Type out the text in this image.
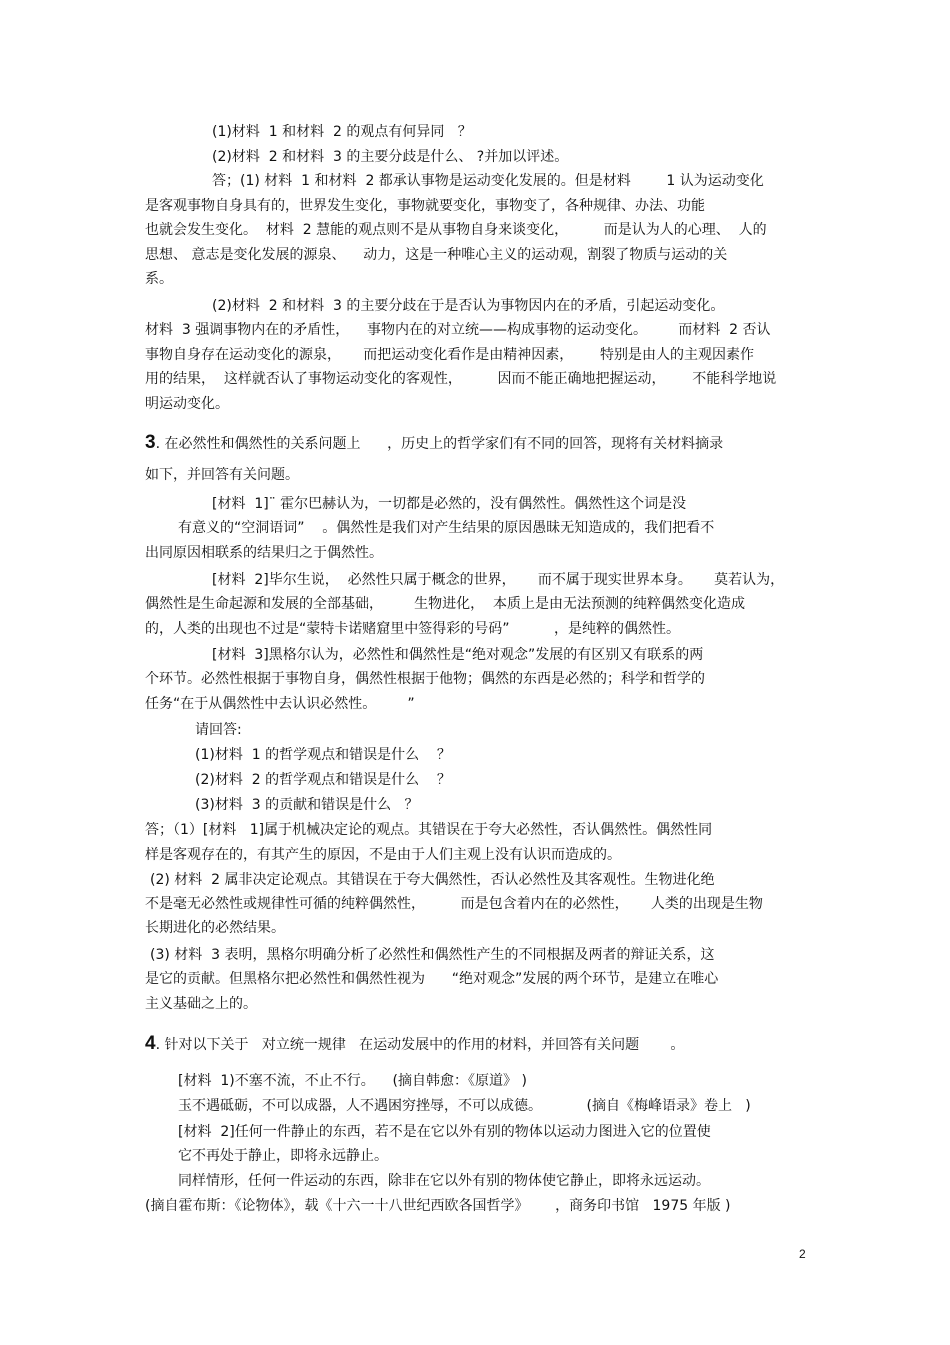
(1)材料  1 和材料  2 的观点有何异同   ？
(2)材料  2 和材料  3 的主要分歧是什么、 ?并加以评述。
答；(1) 材料  1 和材料  2 都承认事物是运动变化发展的。但是材料        1 认为运动变化
是客观事物自身具有的，世界发生变化，事物就要变化，事物变了，各种规律、办法、功能
也就会发生变化。  材料  2 慧能的观点则不是从事物自身来谈变化，        而是认为人的心理、  人的
思想、 意志是变化发展的源泉、    动力，这是一种唯心主义的运动观，割裂了物质与运动的关
系。
(2)材料  2 和材料  3 的主要分歧在于是否认为事物因内在的矛盾，引起运动变化。
材料  3 强调事物内在的矛盾性，    事物内在的对立统——构成事物的运动变化。       而材料  2 否认
事物自身存在运动变化的源泉，     而把运动变化看作是由精神因素，      特别是由人的主观因素作
用的结果，  这样就否认了事物运动变化的客观性，        因而不能正确地把握运动，      不能科学地说
明运动变化。
3. 在必然性和偶然性的关系问题上      ，历史上的哲学家们有不同的回答，现将有关材料摘录
如下，并回答有关问题。
[材料  1]¨ 霍尔巴赫认为，一切都是必然的，没有偶然性。偶然性这个词是没
有意义的“空洞语词”    。偶然性是我们对产生结果的原因愚昧无知造成的，我们把看不
出同原因相联系的结果归之于偶然性。
[材料  2]毕尔生说，  必然性只属于概念的世界，     而不属于现实世界本身。     莫若认为，
偶然性是生命起源和发展的全部基础，       生物进化，  本质上是由无法预测的纯粹偶然变化造成
的，人类的出现也不过是“蒙特卡诺赌窟里中签得彩的号码”          ，是纯粹的偶然性。
[材料  3]黑格尔认为，必然性和偶然性是“绝对观念”发展的有区别又有联系的两
个环节。必然性根据于事物自身，偶然性根据于他物；偶然的东西是必然的；科学和哲学的
任务“在于从偶然性中去认识必然性。       ”
请回答:
(1)材料  1 的哲学观点和错误是什么    ？
(2)材料  2 的哲学观点和错误是什么    ？
(3)材料  3 的贡献和错误是什么   ？
答；（1）[材料   1]属于机械决定论的观点。其错误在于夸大必然性，否认偶然性。偶然性同
样是客观存在的，有其产生的原因，不是由于人们主观上没有认识而造成的。
(2) 材料  2 属非决定论观点。其错误在于夸大偶然性，否认必然性及其客观性。生物进化绝
不是毫无必然性或规律性可循的纯粹偶然性，        而是包含着内在的必然性，     人类的出现是生物
长期进化的必然结果。
(3) 材料  3 表明，黑格尔明确分析了必然性和偶然性产生的不同根据及两者的辩证关系，这
是它的贡献。但黑格尔把必然性和偶然性视为      “绝对观念”发展的两个环节，是建立在唯心
主义基础之上的。
4. 针对以下关于   对立统一规律   在运动发展中的作用的材料，并回答有关问题       。
[材料  1)不塞不流，不止不行。    (摘自韩愈：《原道》 )
玉不遇砥砺，不可以成器，人不遇困穷挫辱，不可以成德。          (摘自《梅峰语录》卷上   )
[材料  2]任何一件静止的东西，若不是在它以外有别的物体以运动力图进入它的位置使
它不再处于静止，即将永远静止。
同样情形，任何一件运动的东西，除非在它以外有别的物体使它静止，即将永远运动。
(摘自霍布斯：《论物体》，载《十六一十八世纪西欧各国哲学》      ，商务印书馆   1975 年版 )
2
